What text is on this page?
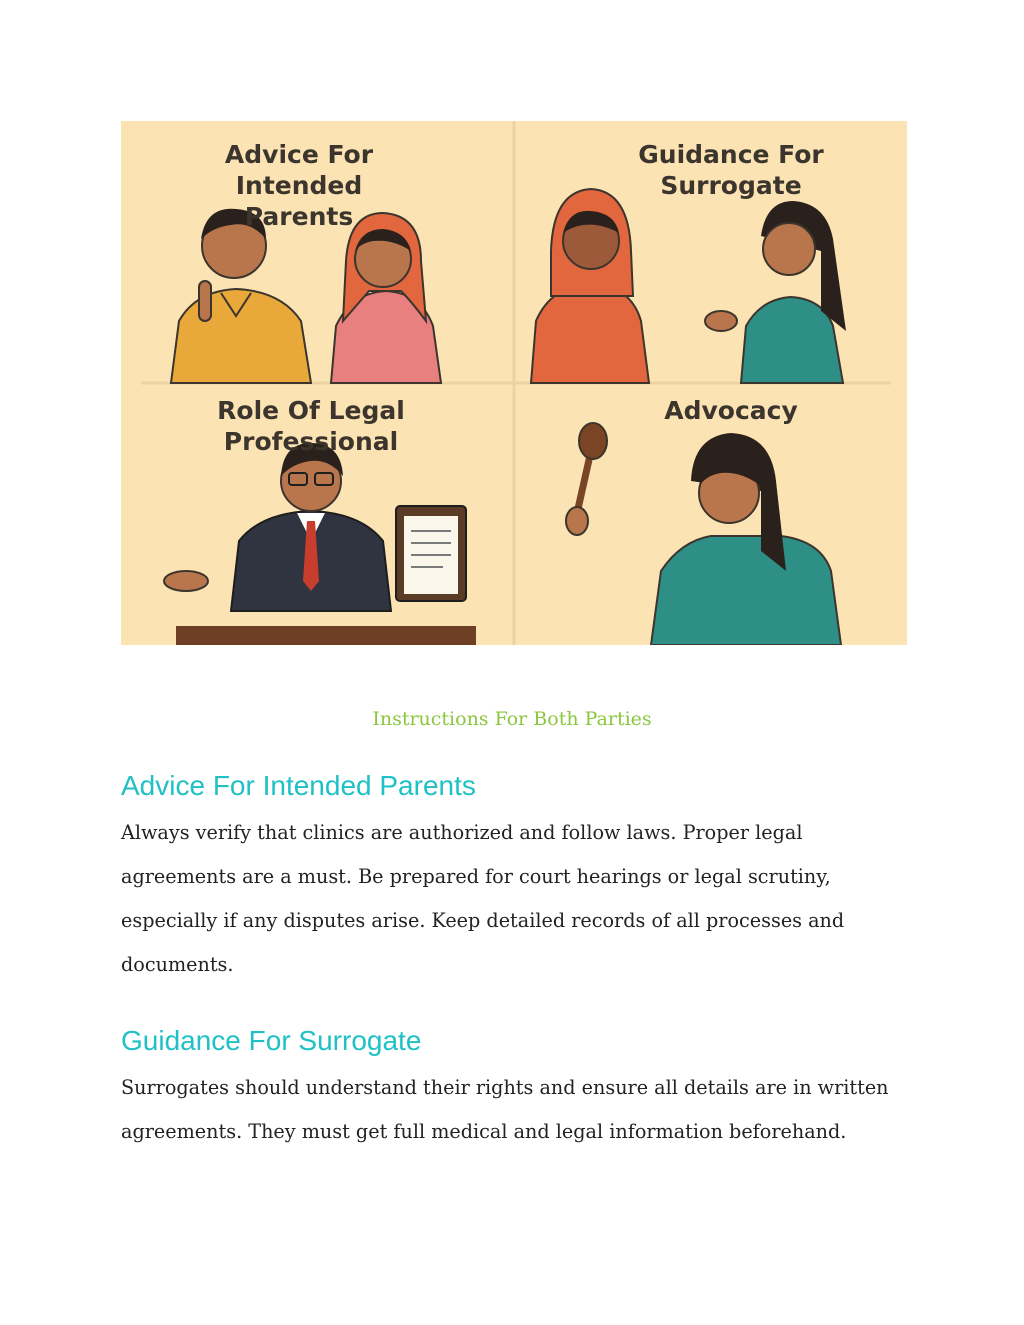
Advice For
Intended Parents
Guidance For
Surrogate
Role Of Legal
Professional
Advocacy
Instructions For Both Parties
Advice For Intended Parents

Always verify that clinics are authorized and follow laws. Proper legal agreements are a must. Be prepared for court hearings or legal scrutiny, especially if any disputes arise. Keep detailed records of all processes and documents.

Guidance For Surrogate

Surrogates should understand their rights and ensure all details are in written agreements. They must get full medical and legal information beforehand.
